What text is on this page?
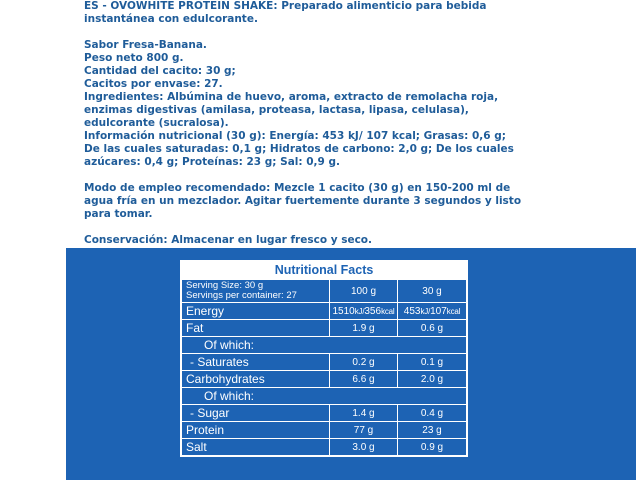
ES - OVOWHITE PROTEIN SHAKE: Preparado alimenticio para bebida instantánea con edulcorante.

Sabor Fresa-Banana.
Peso neto 800 g.
Cantidad del cacito: 30 g;
Cacitos por envase: 27.
Ingredientes: Albúmina de huevo, aroma, extracto de remolacha roja, enzimas digestivas (amilasa, proteasa, lactasa, lipasa, celulasa), edulcorante (sucralosa).
Información nutricional (30 g): Energía: 453 kJ/ 107 kcal; Grasas: 0,6 g; De las cuales saturadas: 0,1 g; Hidratos de carbono: 2,0 g; De los cuales azúcares: 0,4 g; Proteínas: 23 g; Sal: 0,9 g.

Modo de empleo recomendado: Mezcle 1 cacito (30 g) en 150-200 ml de agua fría en un mezclador. Agitar fuertemente durante 3 segundos y listo para tomar.

Conservación: Almacenar en lugar fresco y seco.

Nutritional Facts
Serving Size: 30 g
Servings per container: 27	100 g	30 g
Energy	1510kJ/356kcal	453kJ/107kcal
Fat	1.9 g	0.6 g
Of which:		
- Saturates	0.2 g	0.1 g
Carbohydrates	6.6 g	2.0 g
Of which:		
- Sugar	1.4 g	0.4 g
Protein	77 g	23 g
Salt	3.0 g	0.9 g
